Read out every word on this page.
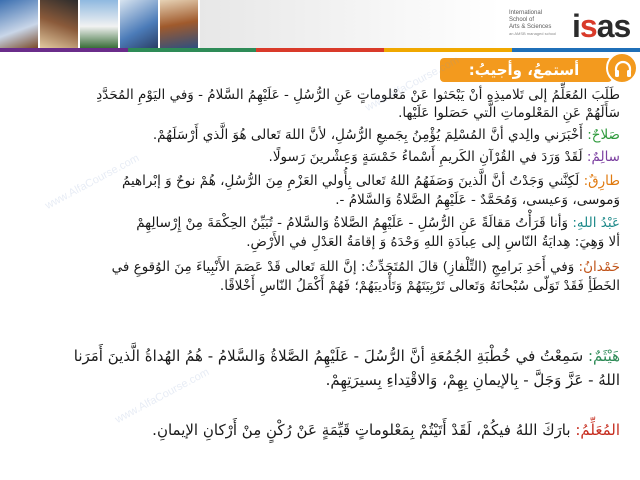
International
School of
Arts & Sciences
an AMSB managed school isas
أستمعُ، وأجيبُ:
طَلَبَ المُعَلِّمُ إلى تَلاميذِهِ أنْ يَبْحَثوا عَنْ مَعْلوماتٍ عَنِ الرُّسُلِ - عَلَيْهِمُ السَّلامُ - وَفي اليَوْمِ المُحَدَّدِ
سَأَلَهُمْ عَنِ المَعْلوماتِ الَّتي حَصَلوا عَلَيْها.
صَلاحٌ: أَخْبَرَني والِدي أنَّ المُسْلِمَ يُؤْمِنُ بِجَميعِ الرُّسُلِ، لأنَّ اللهَ تَعالى هُوَ الَّذي أَرْسَلَهُمْ.
سالِمٌ: لَقَدْ وَرَدَ في القُرْآنِ الكَريمِ أَسْماءُ خَمْسَةٍ وَعِشْرينَ رَسولًا.
طارِقٌ: لَكِنَّني وَجَدْتُ أنَّ الَّذينَ وَصَفَهُمُ اللهُ تَعالى بِأُولي العَزْمِ مِنَ الرُّسُلِ، هُمْ نوحٌ وَ إبْراهيمُ
وَموسى، وَعيسى، وَمُحَمَّدٌ - عَلَيْهِمُ الصَّلاةُ وَالسَّلامُ -.
عَبْدُ اللهِ: وَأنا قَرَأْتُ مَقالَةً عَنِ الرُّسُلِ - عَلَيْهِمُ الصَّلاةُ وَالسَّلامُ - تُبَيِّنُ الحِكْمَةَ مِنْ إِرْسالِهِمْ
ألا وَهِيَ: هِدايَةُ النّاسِ إلى عِبادَةِ اللهِ وَحْدَهُ وَ إقامَةُ العَدْلِ في الأَرْضِ.
حَمْدانُ: وَفي أَحَدِ بَرامِجِ (التِّلْفازِ) قالَ المُتَحَدِّثُ: إنَّ اللهَ تَعالى قَدْ عَصَمَ الأَنْبِياءَ مِنَ الوُقوعِ في
الخَطَأِ فَقَدْ تَوَلّى سُبْحانَهُ وَتَعالى تَرْبِيَتَهُمْ وَتَأْديبَهُمْ؛ فَهُمْ أَكْمَلُ النّاسِ أَخْلاقًا.
هَيْثَمٌ: سَمِعْتُ في خُطْبَةِ الجُمُعَةِ أنَّ الرُّسُلَ - عَلَيْهِمُ الصَّلاةُ وَالسَّلامُ - هُمُ الهُداةُ الَّذينَ أَمَرَنا
اللهُ - عَزَّ وَجَلَّ - بِالإيمانِ بِهِمْ، وَالاقْتِداءِ بِسيرَتِهِمْ.
المُعَلِّمُ: بارَكَ اللهُ فيكُمْ، لَقَدْ أَتَيْتُمْ بِمَعْلوماتٍ قَيِّمَةٍ عَنْ رُكْنٍ مِنْ أَرْكانِ الإيمانِ.
www.AlfaCourse.com
www.AlfaCourse.com
www.AlfaCourse.com
